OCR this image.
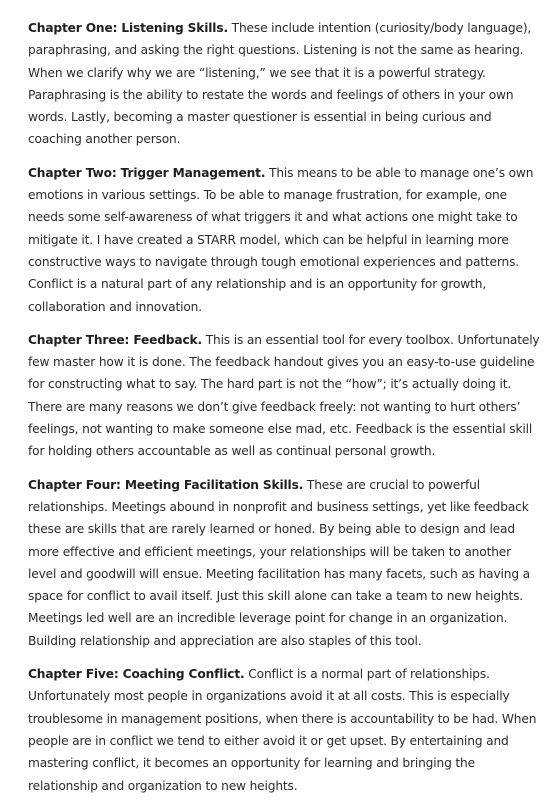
Chapter One: Listening Skills. These include intention (curiosity/body language), paraphrasing, and asking the right questions. Listening is not the same as hearing. When we clarify why we are “listening,” we see that it is a powerful strategy. Paraphrasing is the ability to restate the words and feelings of others in your own words. Lastly, becoming a master questioner is essential in being curious and coaching another person.

Chapter Two: Trigger Management. This means to be able to manage one’s own emotions in various settings. To be able to manage frustration, for example, one needs some self-awareness of what triggers it and what actions one might take to mitigate it. I have created a STARR model, which can be helpful in learning more constructive ways to navigate through tough emotional experiences and patterns. Conflict is a natural part of any relationship and is an opportunity for growth, collaboration and innovation.

Chapter Three: Feedback. This is an essential tool for every toolbox. Unfortunately few master how it is done. The feedback handout gives you an easy-to-use guideline for constructing what to say. The hard part is not the “how”; it’s actually doing it. There are many reasons we don’t give feedback freely: not wanting to hurt others’ feelings, not wanting to make someone else mad, etc. Feedback is the essential skill for holding others accountable as well as continual personal growth.

Chapter Four: Meeting Facilitation Skills. These are crucial to powerful relationships. Meetings abound in nonprofit and business settings, yet like feedback these are skills that are rarely learned or honed. By being able to design and lead more effective and efficient meetings, your relationships will be taken to another level and goodwill will ensue. Meeting facilitation has many facets, such as having a space for conflict to avail itself. Just this skill alone can take a team to new heights. Meetings led well are an incredible leverage point for change in an organization. Building relationship and appreciation are also staples of this tool.

Chapter Five: Coaching Conflict. Conflict is a normal part of relationships. Unfortunately most people in organizations avoid it at all costs. This is especially troublesome in management positions, when there is accountability to be had. When people are in conflict we tend to either avoid it or get upset. By entertaining and mastering conflict, it becomes an opportunity for learning and bringing the relationship and organization to new heights.
